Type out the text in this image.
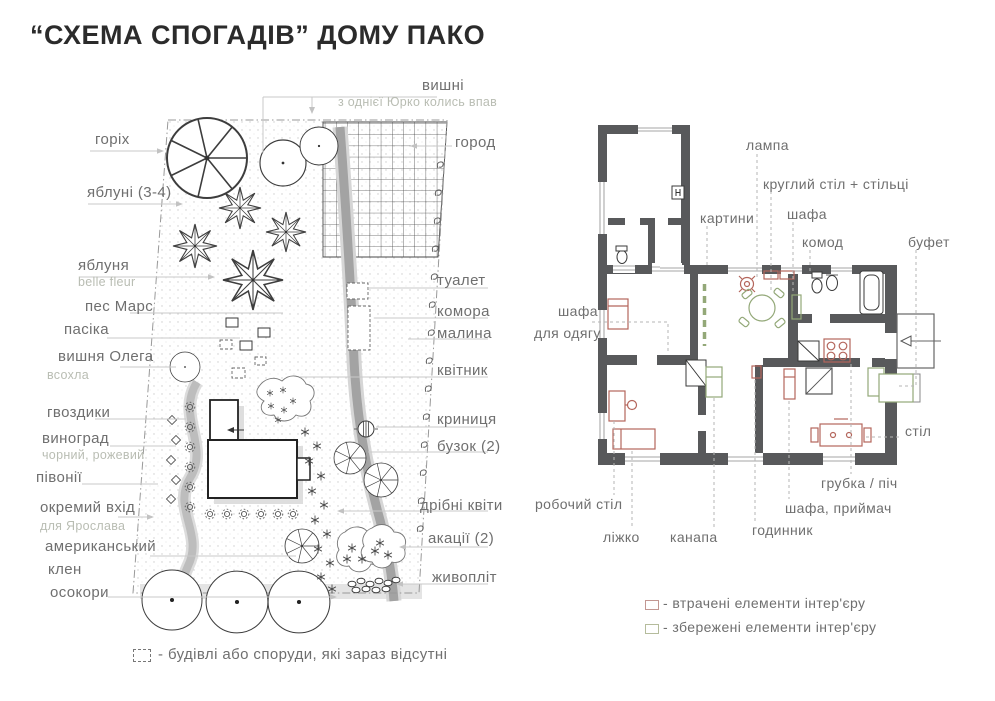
“СХЕМА СПОГАДІВ” ДОМУ ПАКО
вишні
з однієї Юрко колись впав
город
горіх
яблуні (3-4)
яблуня
belle fleur
пес Марс
пасіка
вишня Олега
всохла
гвоздики
виноград
чорний, рожевий
півонії
окремий вхід
для Ярослава
американський
клен
осокори
туалет
комора
малина
квітник
криниця
бузок (2)
дрібні квіти
акації (2)
живопліт
- будівлі або споруди, які зараз відсутні
лампа
круглий стіл + стільці
картини шафа
комод	буфет
шафа
для одягу
робочий стіл
ліжко канапа годинник
шафа, приймач
грубка / піч
стіл
- втрачені елементи інтер'єру
- збережені елементи інтер'єру
